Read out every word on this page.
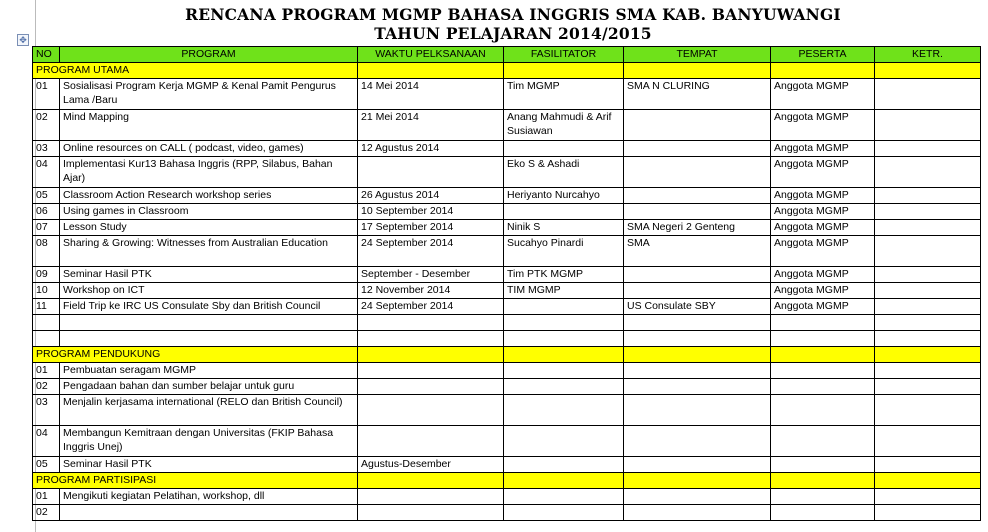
✥
RENCANA PROGRAM MGMP BAHASA INGGRIS SMA KAB. BANYUWANGI
TAHUN PELAJARAN 2014/2015
NO	PROGRAM	WAKTU PELKSANAAN	FASILITATOR	TEMPAT	PESERTA	KETR.
PROGRAM UTAMA						
01	Sosialisasi Program Kerja MGMP & Kenal Pamit Pengurus Lama /Baru	14 Mei 2014	Tim MGMP	SMA N CLURING	Anggota MGMP	
02	Mind Mapping	21 Mei 2014	Anang Mahmudi & Arif Susiawan		Anggota MGMP	
03	Online resources on CALL ( podcast, video, games)	12 Agustus 2014			Anggota MGMP	
04	Implementasi Kur13 Bahasa Inggris (RPP, Silabus, Bahan Ajar)		Eko S & Ashadi		Anggota MGMP	
05	Classroom Action Research workshop series	26 Agustus 2014	Heriyanto Nurcahyo		Anggota MGMP	
06	Using games in Classroom	10 September 2014			Anggota MGMP	
07	Lesson Study	17 September 2014	Ninik S	SMA Negeri 2 Genteng	Anggota MGMP	
08	Sharing & Growing: Witnesses from Australian Education	24 September 2014	Sucahyo Pinardi	SMA	Anggota MGMP	
09	Seminar Hasil PTK	September - Desember	Tim PTK MGMP		Anggota MGMP	
10	Workshop on ICT	12 November 2014	TIM MGMP		Anggota MGMP	
11	Field Trip ke IRC US Consulate Sby dan British Council	24 September 2014		US Consulate SBY	Anggota MGMP	

PROGRAM PENDUKUNG						
01	Pembuatan seragam MGMP					
02	Pengadaan bahan dan sumber belajar untuk guru					
03	Menjalin kerjasama international (RELO dan British Council)					
04	Membangun Kemitraan dengan Universitas (FKIP Bahasa Inggris Unej)					
05	Seminar Hasil PTK	Agustus-Desember				
PROGRAM PARTISIPASI						
01	Mengikuti kegiatan Pelatihan, workshop, dll					
02						
